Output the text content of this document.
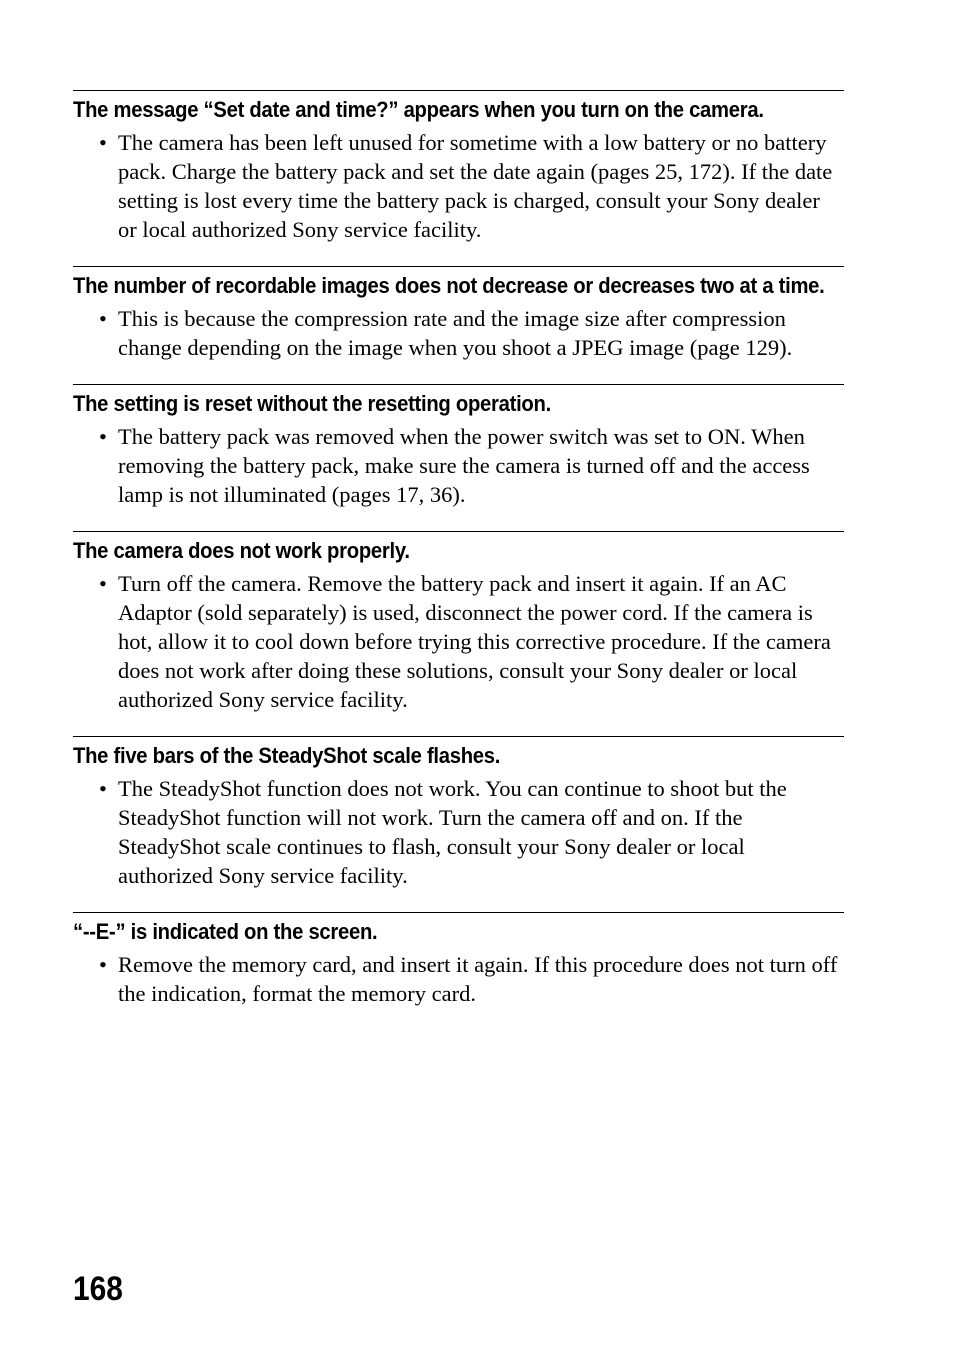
The message “Set date and time?” appears when you turn on the camera.
• The camera has been left unused for sometime with a low battery or no battery pack. Charge the battery pack and set the date again (pages 25, 172). If the date setting is lost every time the battery pack is charged, consult your Sony dealer or local authorized Sony service facility.
The number of recordable images does not decrease or decreases two at a time.
• This is because the compression rate and the image size after compression change depending on the image when you shoot a JPEG image (page 129).
The setting is reset without the resetting operation.
• The battery pack was removed when the power switch was set to ON. When removing the battery pack, make sure the camera is turned off and the access lamp is not illuminated (pages 17, 36).
The camera does not work properly.
• Turn off the camera. Remove the battery pack and insert it again. If an AC Adaptor (sold separately) is used, disconnect the power cord. If the camera is hot, allow it to cool down before trying this corrective procedure. If the camera does not work after doing these solutions, consult your Sony dealer or local authorized Sony service facility.
The five bars of the SteadyShot scale flashes.
• The SteadyShot function does not work. You can continue to shoot but the SteadyShot function will not work. Turn the camera off and on. If the SteadyShot scale continues to flash, consult your Sony dealer or local authorized Sony service facility.
“--E-” is indicated on the screen.
• Remove the memory card, and insert it again. If this procedure does not turn off the indication, format the memory card.
168
